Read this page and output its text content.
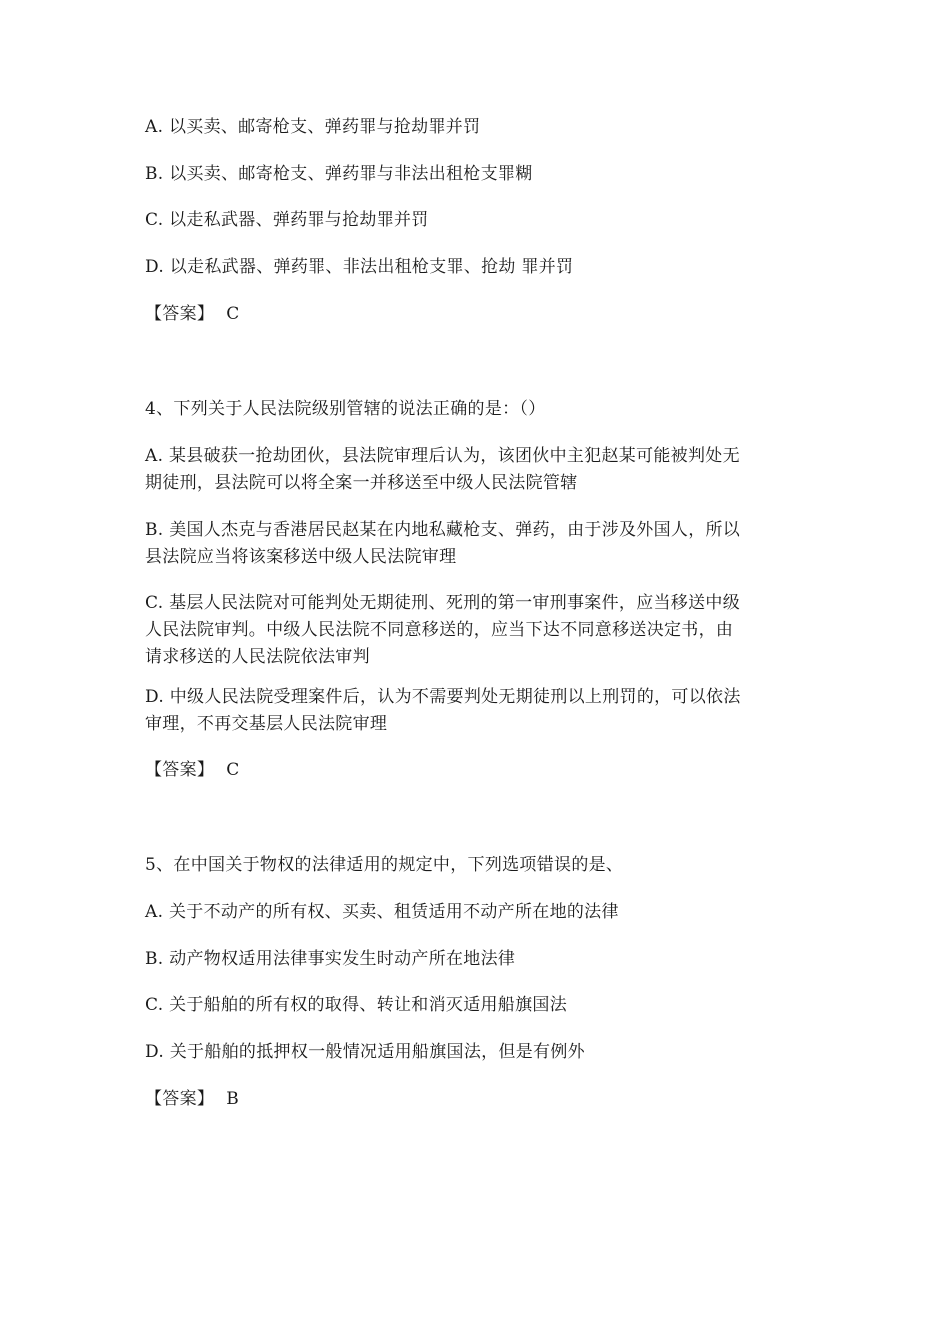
A. 以买卖、邮寄枪支、弹药罪与抢劫罪并罚
B. 以买卖、邮寄枪支、弹药罪与非法出租枪支罪糊
C. 以走私武器、弹药罪与抢劫罪并罚
D. 以走私武器、弹药罪、非法出租枪支罪、抢劫 罪并罚
【答案】 C
4、下列关于人民法院级别管辖的说法正确的是：（）
A. 某县破获一抢劫团伙，县法院审理后认为，该团伙中主犯赵某可能被判处无
期徒刑，县法院可以将全案一并移送至中级人民法院管辖
B. 美国人杰克与香港居民赵某在内地私藏枪支、弹药，由于涉及外国人，所以
县法院应当将该案移送中级人民法院审理
C. 基层人民法院对可能判处无期徒刑、死刑的第一审刑事案件，应当移送中级
人民法院审判。中级人民法院不同意移送的，应当下达不同意移送决定书，由
请求移送的人民法院依法审判
D. 中级人民法院受理案件后，认为不需要判处无期徒刑以上刑罚的，可以依法
审理，不再交基层人民法院审理
【答案】 C
5、在中国关于物权的法律适用的规定中，下列选项错误的是、
A. 关于不动产的所有权、买卖、租赁适用不动产所在地的法律
B. 动产物权适用法律事实发生时动产所在地法律
C. 关于船舶的所有权的取得、转让和消灭适用船旗国法
D. 关于船舶的抵押权一般情况适用船旗国法，但是有例外
【答案】 B
